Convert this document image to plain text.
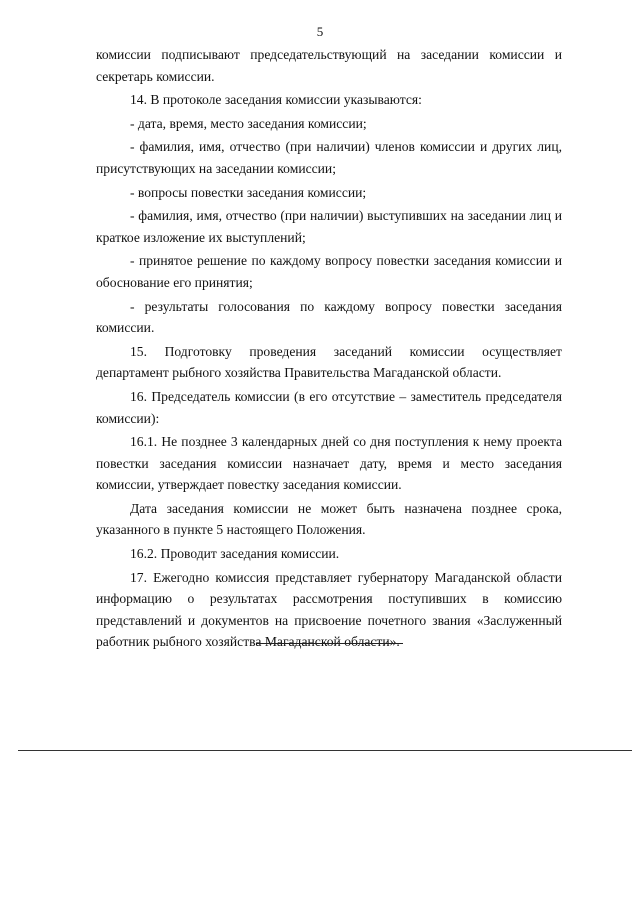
5

комиссии подписывают председательствующий на заседании комиссии и секретарь комиссии.

14. В протоколе заседания комиссии указываются:

- дата, время, место заседания комиссии;

- фамилия, имя, отчество (при наличии) членов комиссии и других лиц, присутствующих на заседании комиссии;

- вопросы повестки заседания комиссии;

- фамилия, имя, отчество (при наличии) выступивших на заседании лиц и краткое изложение их выступлений;

- принятое решение по каждому вопросу повестки заседания комиссии и обоснование его принятия;

- результаты голосования по каждому вопросу повестки заседания комиссии.

15. Подготовку проведения заседаний комиссии осуществляет департамент рыбного хозяйства Правительства Магаданской области.

16. Председатель комиссии (в его отсутствие – заместитель председателя комиссии):

16.1. Не позднее 3 календарных дней со дня поступления к нему проекта повестки заседания комиссии назначает дату, время и место заседания комиссии, утверждает повестку заседания комиссии.

Дата заседания комиссии не может быть назначена позднее срока, указанного в пункте 5 настоящего Положения.

16.2. Проводит заседания комиссии.

17. Ежегодно комиссия представляет губернатору Магаданской области информацию о результатах рассмотрения поступивших в комиссию представлений и документов на присвоение почетного звания «Заслуженный работник рыбного хозяйства Магаданской области».
